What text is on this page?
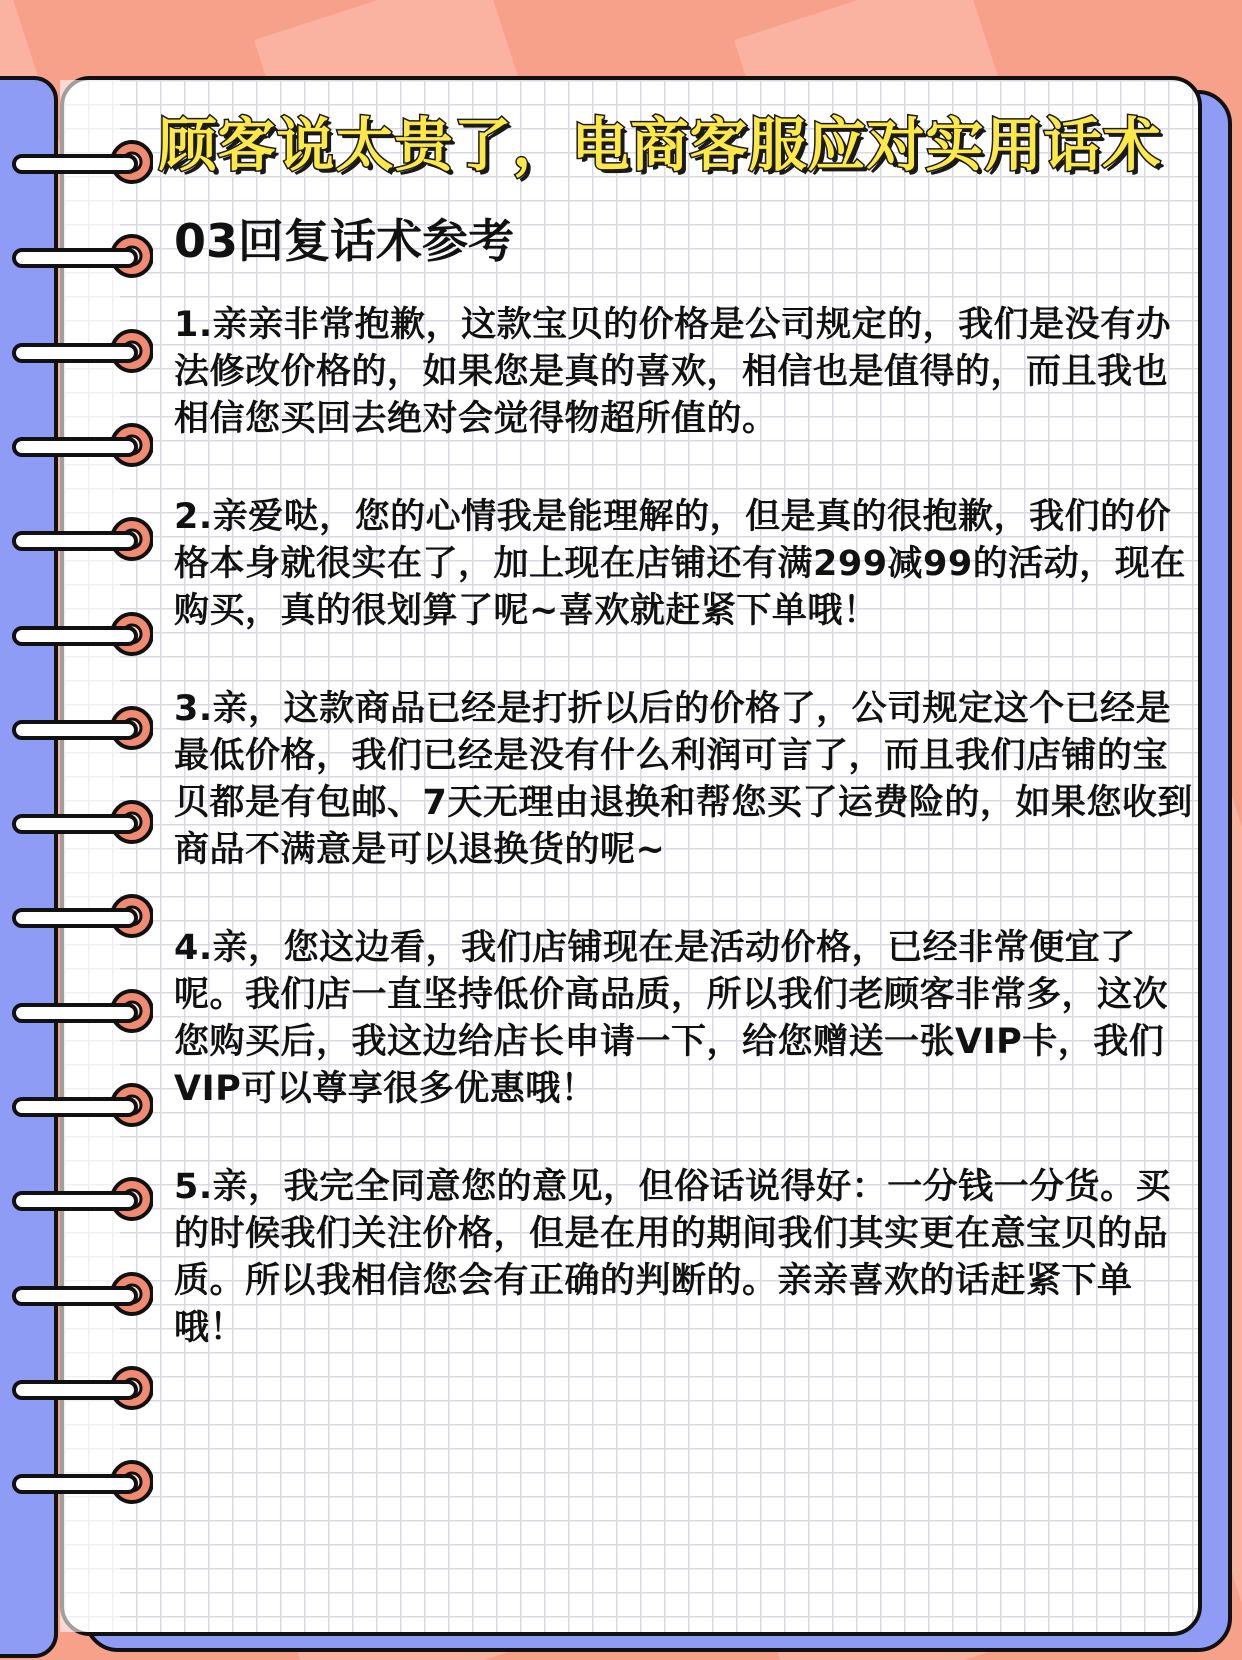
顾客说太贵了，电商客服应对实用话术
03回复话术参考

1.亲亲非常抱歉，这款宝贝的价格是公司规定的，我们是没有办法修改价格的，如果您是真的喜欢，相信也是值得的，而且我也相信您买回去绝对会觉得物超所值的。

2.亲爱哒，您的心情我是能理解的，但是真的很抱歉，我们的价格本身就很实在了，加上现在店铺还有满299减99的活动，现在购买，真的很划算了呢~喜欢就赶紧下单哦！

3.亲，这款商品已经是打折以后的价格了，公司规定这个已经是最低价格，我们已经是没有什么利润可言了，而且我们店铺的宝贝都是有包邮、7天无理由退换和帮您买了运费险的，如果您收到商品不满意是可以退换货的呢~

4.亲，您这边看，我们店铺现在是活动价格，已经非常便宜了呢。我们店一直坚持低价高品质，所以我们老顾客非常多，这次您购买后，我这边给店长申请一下，给您赠送一张VIP卡，我们VIP可以尊享很多优惠哦！

5.亲，我完全同意您的意见，但俗话说得好：一分钱一分货。买的时候我们关注价格，但是在用的期间我们其实更在意宝贝的品质。所以我相信您会有正确的判断的。亲亲喜欢的话赶紧下单哦！
